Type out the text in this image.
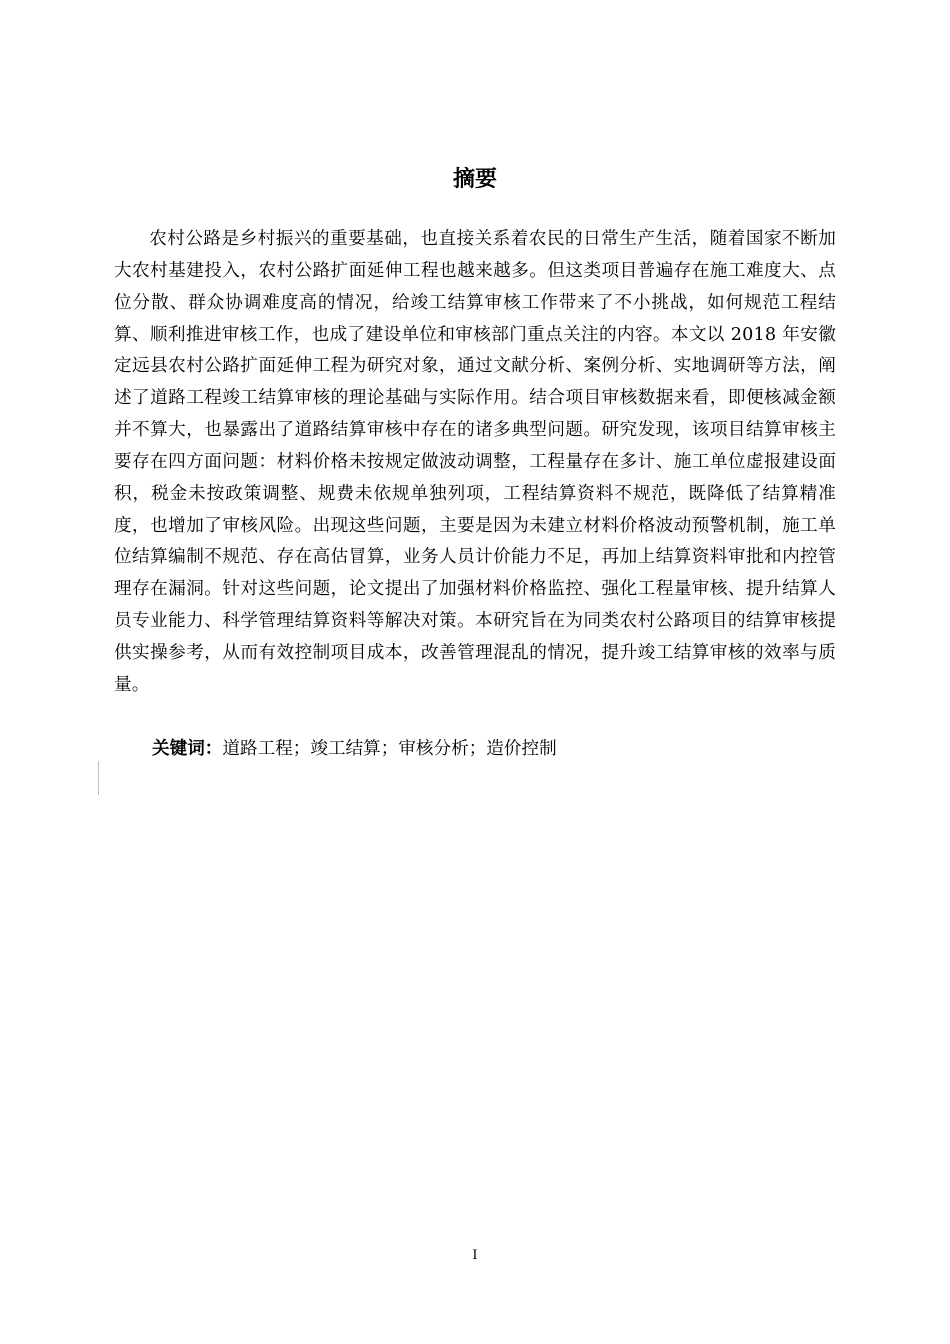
摘要

农村公路是乡村振兴的重要基础，也直接关系着农民的日常生产生活，随着国家不断加大农村基建投入，农村公路扩面延伸工程也越来越多。但这类项目普遍存在施工难度大、点位分散、群众协调难度高的情况，给竣工结算审核工作带来了不小挑战，如何规范工程结算、顺利推进审核工作，也成了建设单位和审核部门重点关注的内容。本文以 2018 年安徽定远县农村公路扩面延伸工程为研究对象，通过文献分析、案例分析、实地调研等方法，阐述了道路工程竣工结算审核的理论基础与实际作用。结合项目审核数据来看，即便核减金额并不算大，也暴露出了道路结算审核中存在的诸多典型问题。研究发现，该项目结算审核主要存在四方面问题：材料价格未按规定做波动调整，工程量存在多计、施工单位虚报建设面积，税金未按政策调整、规费未依规单独列项，工程结算资料不规范，既降低了结算精准度，也增加了审核风险。出现这些问题，主要是因为未建立材料价格波动预警机制，施工单位结算编制不规范、存在高估冒算，业务人员计价能力不足，再加上结算资料审批和内控管理存在漏洞。针对这些问题，论文提出了加强材料价格监控、强化工程量审核、提升结算人员专业能力、科学管理结算资料等解决对策。本研究旨在为同类农村公路项目的结算审核提供实操参考，从而有效控制项目成本，改善管理混乱的情况，提升竣工结算审核的效率与质量。

关键词：道路工程；竣工结算；审核分析；造价控制
I
